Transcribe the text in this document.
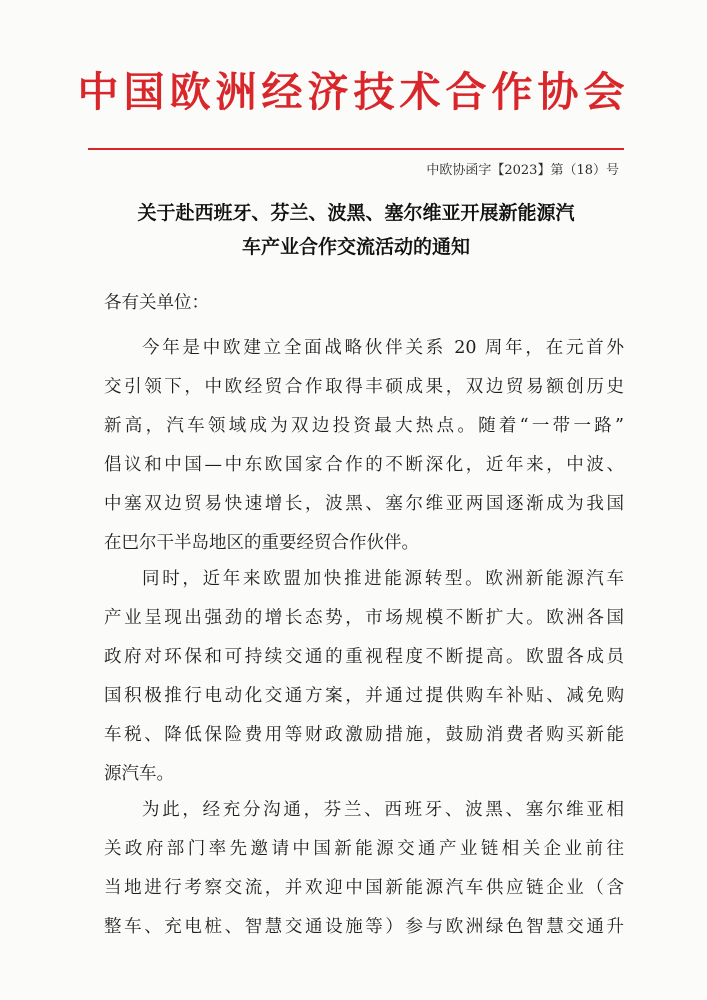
中国欧洲经济技术合作协会
中欧协函字【2023】第（18）号
关于赴西班牙、芬兰、波黑、塞尔维亚开展新能源汽
车产业合作交流活动的通知
各有关单位：
今年是中欧建立全面战略伙伴关系 20 周年，在元首外
交引领下，中欧经贸合作取得丰硕成果，双边贸易额创历史
新高，汽车领域成为双边投资最大热点。随着“一带一路”
倡议和中国—中东欧国家合作的不断深化，近年来，中波、
中塞双边贸易快速增长，波黑、塞尔维亚两国逐渐成为我国
在巴尔干半岛地区的重要经贸合作伙伴。
同时，近年来欧盟加快推进能源转型。欧洲新能源汽车
产业呈现出强劲的增长态势，市场规模不断扩大。欧洲各国
政府对环保和可持续交通的重视程度不断提高。欧盟各成员
国积极推行电动化交通方案，并通过提供购车补贴、减免购
车税、降低保险费用等财政激励措施，鼓励消费者购买新能
源汽车。
为此，经充分沟通，芬兰、西班牙、波黑、塞尔维亚相
关政府部门率先邀请中国新能源交通产业链相关企业前往
当地进行考察交流，并欢迎中国新能源汽车供应链企业（含
整车、充电桩、智慧交通设施等）参与欧洲绿色智慧交通升
